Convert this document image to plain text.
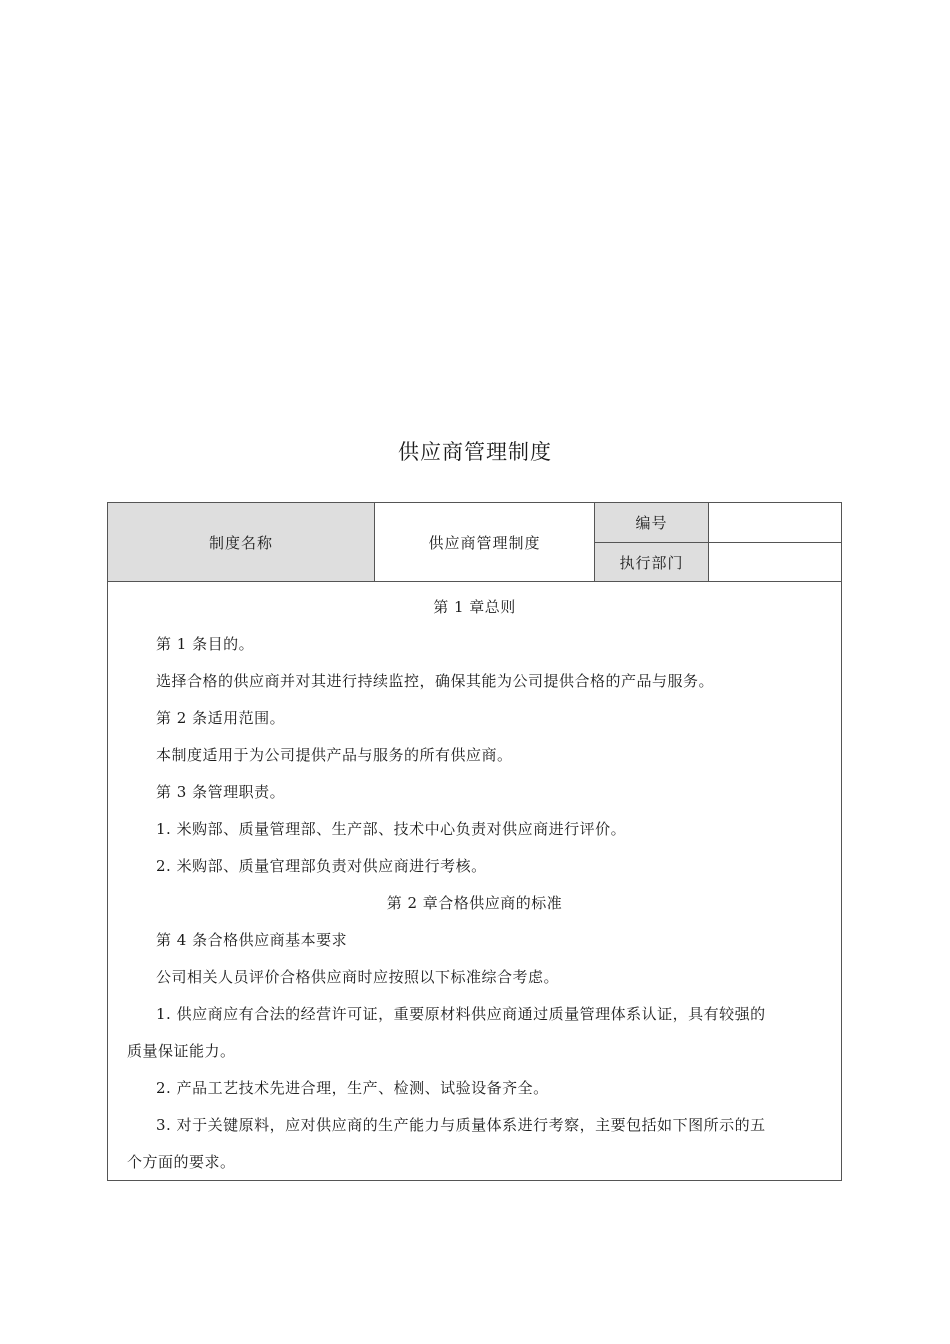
供应商管理制度
制度名称	供应商管理制度
编号
执行部门
第 1 章总则
第 1 条目的。
选择合格的供应商并对其进行持续监控，确保其能为公司提供合格的产品与服务。
第 2 条适用范围。
本制度适用于为公司提供产品与服务的所有供应商。
第 3 条管理职责。
1. 米购部、质量管理部、生产部、技术中心负责对供应商进行评价。
2. 米购部、质量官理部负责对供应商进行考核。
第 2 章合格供应商的标准
第 4 条合格供应商基本要求
公司相关人员评价合格供应商时应按照以下标准综合考虑。
1. 供应商应有合法的经营许可证，重要原材料供应商通过质量管理体系认证，具有较强的
质量保证能力。
2. 产品工艺技术先进合理，生产、检测、试验设备齐全。
3. 对于关键原料，应对供应商的生产能力与质量体系进行考察，主要包括如下图所示的五
个方面的要求。
